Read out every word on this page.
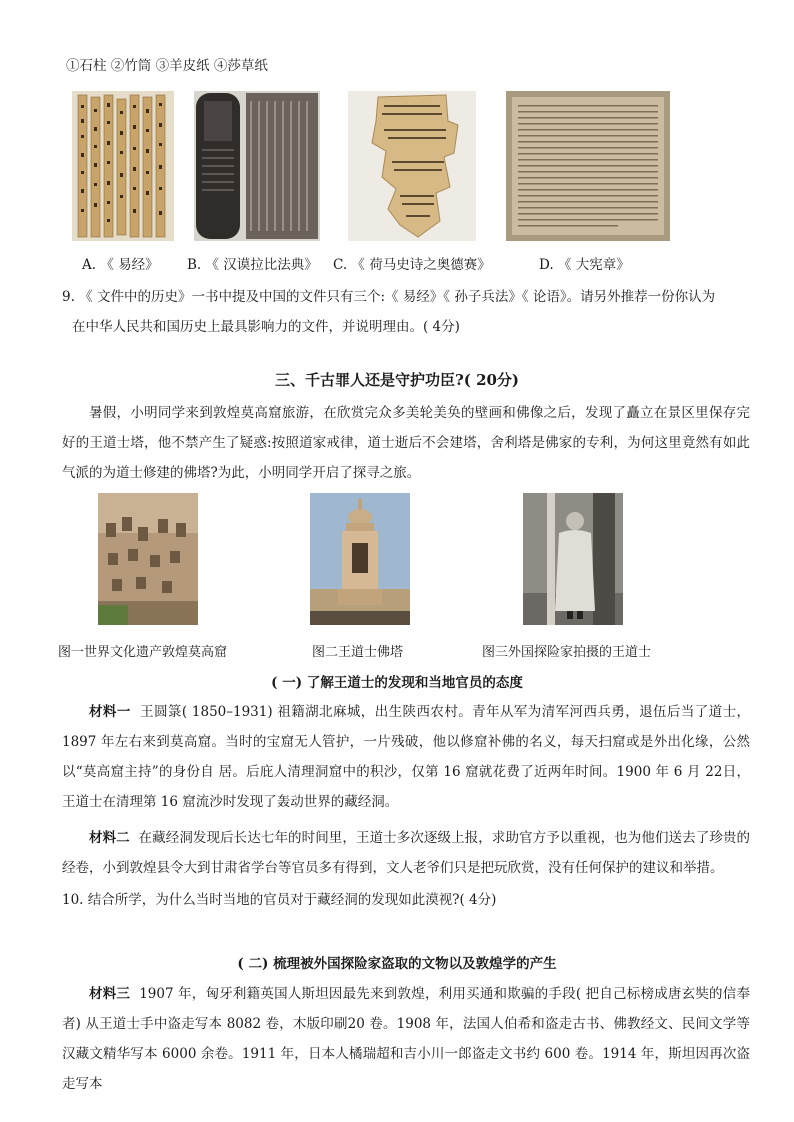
①石柱 ②竹筒 ③羊皮纸 ④莎草纸
A. 《 易经》 B. 《 汉谟拉比法典》 C. 《 荷马史诗之奥德赛》	D. 《 大宪章》
9. 《 文件中的历史》一书中提及中国的文件只有三个:《 易经》《 孙子兵法》《 论语》。请另外推荐一份你认为
在中华人民共和国历史上最具影响力的文件，并说明理由。( 4分)
三、千古罪人还是守护功臣?( 20分)

暑假，小明同学来到敦煌莫高窟旅游，在欣赏完众多美轮美奂的壁画和佛像之后，发现了矗立在景区里保存完好的王道士塔，他不禁产生了疑惑:按照道家戒律，道士逝后不会建塔，舍利塔是佛家的专利，为何这里竟然有如此气派的为道士修建的佛塔?为此，小明同学开启了探寻之旅。

图一世界文化遗产敦煌莫高窟	图二王道士佛塔	图三外国探险家拍摄的王道士
( 一) 了解王道士的发现和当地官员的态度

材料一 王圆箓( 1850–1931) 祖籍湖北麻城，出生陕西农村。青年从军为清军河西兵勇，退伍后当了道士，1897 年左右来到莫高窟。当时的宝窟无人管护，一片残破，他以修窟补佛的名义，每天扫窟或是外出化缘，公然以“莫高窟主持”的身份自 居。后庇人清理洞窟中的积沙，仅第 16 窟就花费了近两年时间。1900 年 6 月 22日，王道士在清理第 16 窟流沙时发现了轰动世界的藏经洞。

材料二 在藏经洞发现后长达七年的时间里，王道士多次逐级上报，求助官方予以重视，也为他们送去了珍贵的经卷，小到敦煌县令大到甘肃省学台等官员多有得到，文人老爷们只是把玩欣赏，没有任何保护的建议和举措。

10. 结合所学，为什么当时当地的官员对于藏经洞的发现如此漠视?( 4分)
( 二) 梳理被外国探险家盗取的文物以及敦煌学的产生

材料三 1907 年，匈牙利籍英国人斯坦因最先来到敦煌，利用买通和欺骗的手段( 把自己标榜成唐玄奘的信奉者) 从王道士手中盗走写本 8082 卷，木版印刷20 卷。1908 年，法国人伯希和盗走古书、佛教经文、民间文学等汉藏文精华写本 6000 余卷。1911 年，日本人橘瑞超和吉小川一郎盗走文书约 600 卷。1914 年，斯坦因再次盗走写本
